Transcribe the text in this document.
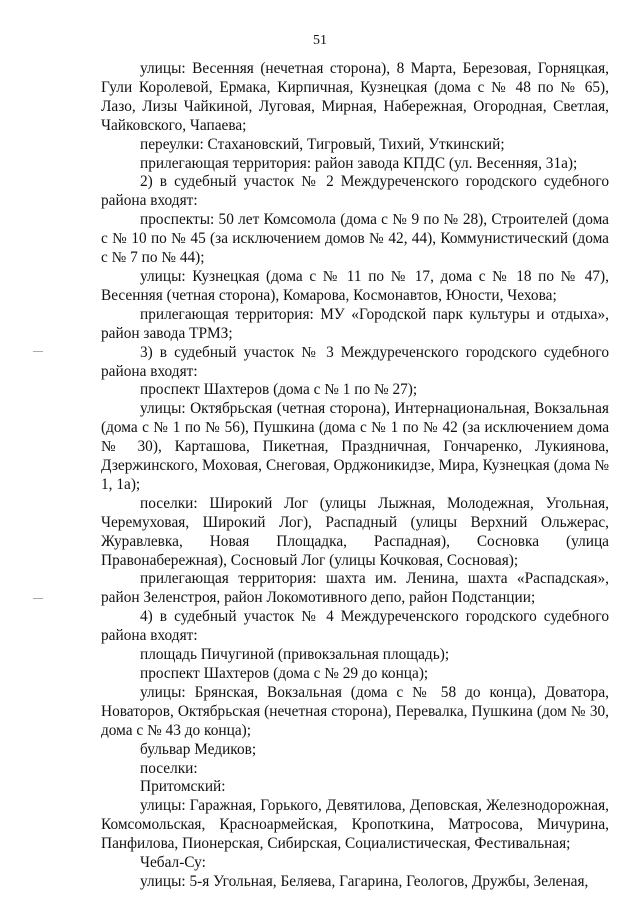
51

улицы: Весенняя (нечетная сторона), 8 Марта, Березовая, Горняцкая, Гули Королевой, Ермака, Кирпичная, Кузнецкая (дома с № 48 по № 65), Лазо, Лизы Чайкиной, Луговая, Мирная, Набережная, Огородная, Светлая, Чайковского, Чапаева;

переулки: Стахановский, Тигровый, Тихий, Уткинский;

прилегающая территория: район завода КПДС (ул. Весенняя, 31а);

2) в судебный участок № 2 Междуреченского городского судебного района входят:

проспекты: 50 лет Комсомола (дома с № 9 по № 28), Строителей (дома с № 10 по № 45 (за исключением домов № 42, 44), Коммунистический (дома с № 7 по № 44);

улицы: Кузнецкая (дома с № 11 по № 17, дома с № 18 по № 47), Весенняя (четная сторона), Комарова, Космонавтов, Юности, Чехова;

прилегающая территория: МУ «Городской парк культуры и отдыха», район завода ТРМЗ;

3) в судебный участок № 3 Междуреченского городского судебного района входят:

проспект Шахтеров (дома с № 1 по № 27);

улицы: Октябрьская (четная сторона), Интернациональная, Вокзальная (дома с № 1 по № 56), Пушкина (дома с № 1 по № 42 (за исключением дома № 30), Карташова, Пикетная, Праздничная, Гончаренко, Лукиянова, Дзержинского, Моховая, Снеговая, Орджоникидзе, Мира, Кузнецкая (дома № 1, 1а);

поселки: Широкий Лог (улицы Лыжная, Молодежная, Угольная, Черемуховая, Широкий Лог), Распадный (улицы Верхний Ольжерас, Журавлевка, Новая Площадка, Распадная), Сосновка (улица Правонабережная), Сосновый Лог (улицы Кочковая, Сосновая);

прилегающая территория: шахта им. Ленина, шахта «Распадская», район Зеленстроя, район Локомотивного депо, район Подстанции;

4) в судебный участок № 4 Междуреченского городского судебного района входят:

площадь Пичугиной (привокзальная площадь);

проспект Шахтеров (дома с № 29 до конца);

улицы: Брянская, Вокзальная (дома с № 58 до конца), Доватора, Новаторов, Октябрьская (нечетная сторона), Перевалка, Пушкина (дом № 30, дома с № 43 до конца);

бульвар Медиков;

поселки:

Притомский:

улицы: Гаражная, Горького, Девятилова, Деповская, Железнодорожная, Комсомольская, Красноармейская, Кропоткина, Матросова, Мичурина, Панфилова, Пионерская, Сибирская, Социалистическая, Фестивальная;

Чебал-Су:

улицы: 5-я Угольная, Беляева, Гагарина, Геологов, Дружбы, Зеленая,
